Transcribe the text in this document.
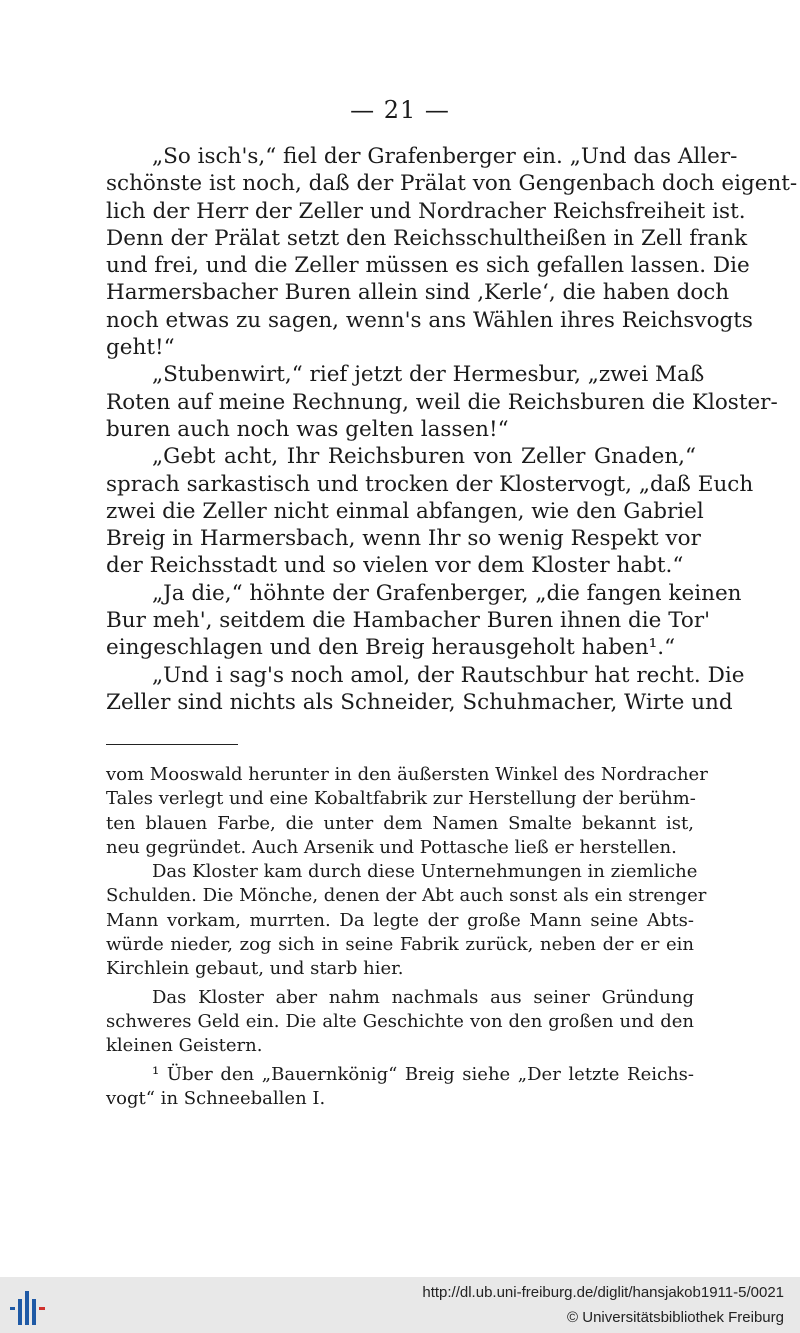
— 21 —
„So isch's,“ fiel der Grafenberger ein. „Und das Aller-
schönste ist noch, daß der Prälat von Gengenbach doch eigent-
lich der Herr der Zeller und Nordracher Reichsfreiheit ist.
Denn der Prälat setzt den Reichsschultheißen in Zell frank
und frei, und die Zeller müssen es sich gefallen lassen. Die
Harmersbacher Buren allein sind ‚Kerle‘, die haben doch
noch etwas zu sagen, wenn's ans Wählen ihres Reichsvogts
geht!“
„Stubenwirt,“ rief jetzt der Hermesbur, „zwei Maß
Roten auf meine Rechnung, weil die Reichsburen die Kloster-
buren auch noch was gelten lassen!“
„Gebt acht, Ihr Reichsburen von Zeller Gnaden,“
sprach sarkastisch und trocken der Klostervogt, „daß Euch
zwei die Zeller nicht einmal abfangen, wie den Gabriel
Breig in Harmersbach, wenn Ihr so wenig Respekt vor
der Reichsstadt und so vielen vor dem Kloster habt.“
„Ja die,“ höhnte der Grafenberger, „die fangen keinen
Bur meh', seitdem die Hambacher Buren ihnen die Tor'
eingeschlagen und den Breig herausgeholt haben¹.“
„Und i sag's noch amol, der Rautschbur hat recht. Die
Zeller sind nichts als Schneider, Schuhmacher, Wirte und
vom Mooswald herunter in den äußersten Winkel des Nordracher
Tales verlegt und eine Kobaltfabrik zur Herstellung der berühm-
ten blauen Farbe, die unter dem Namen Smalte bekannt ist,
neu gegründet. Auch Arsenik und Pottasche ließ er herstellen.
Das Kloster kam durch diese Unternehmungen in ziemliche
Schulden. Die Mönche, denen der Abt auch sonst als ein strenger
Mann vorkam, murrten. Da legte der große Mann seine Abts-
würde nieder, zog sich in seine Fabrik zurück, neben der er ein
Kirchlein gebaut, und starb hier.
Das Kloster aber nahm nachmals aus seiner Gründung
schweres Geld ein. Die alte Geschichte von den großen und den
kleinen Geistern.
¹ Über den „Bauernkönig“ Breig siehe „Der letzte Reichs-
vogt“ in Schneeballen I.
http://dl.ub.uni-freiburg.de/diglit/hansjakob1911-5/0021
© Universitätsbibliothek Freiburg
